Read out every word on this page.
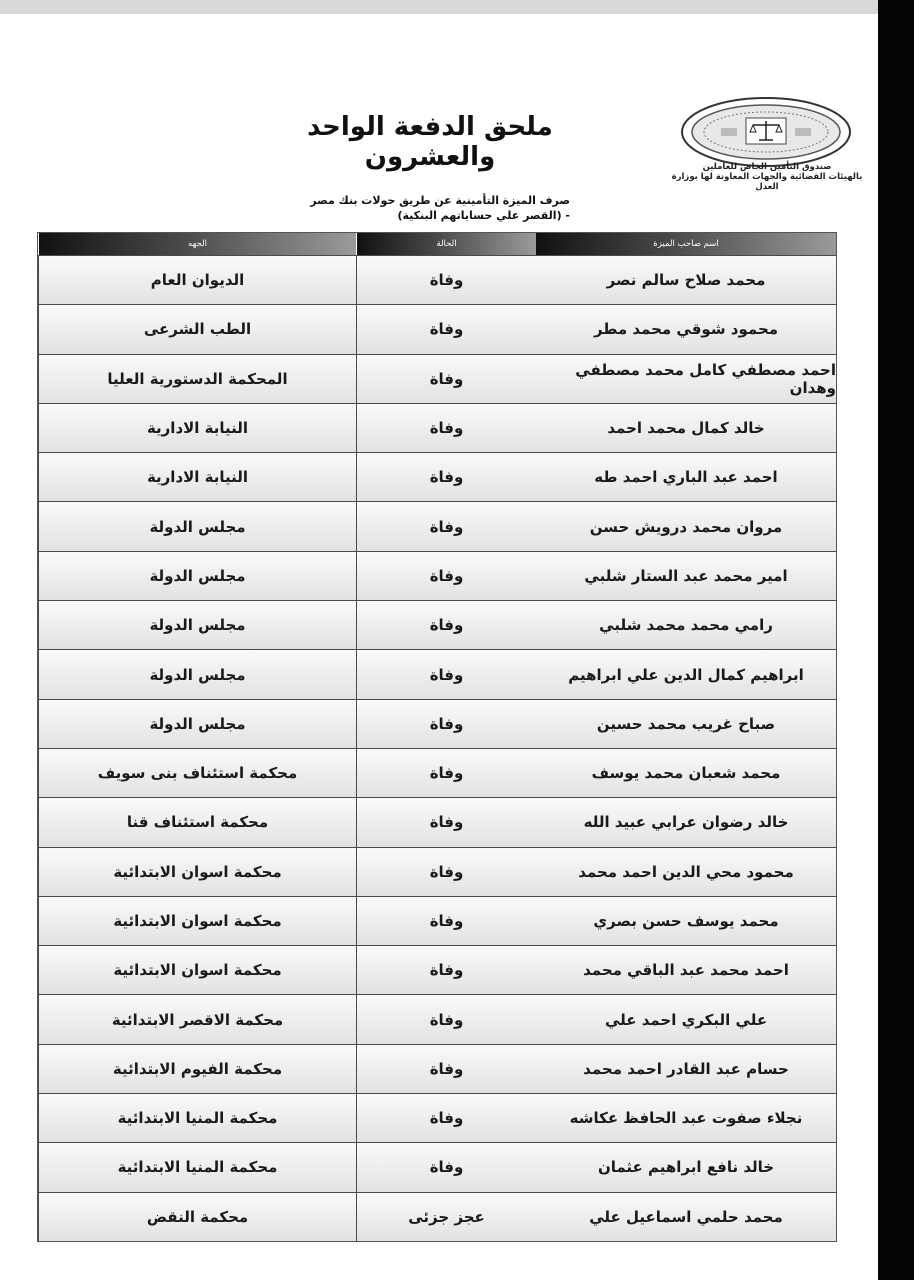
ملحق الدفعة الواحد والعشرون	صندوق التأمين الخاص للعاملين
بالهيئات القضائية والجهات المعاونة لها بوزارة العدل
صرف الميزة التأمينية عن طريق حولات بنك مصر
- (القصر علي حساباتهم البنكية)
اسم صاحب الميزة
الحالة
الجهه
محمد صلاح سالم نصر
وفاة
الديوان العام
محمود شوقي محمد مطر
وفاة
الطب الشرعى
احمد مصطفي كامل محمد مصطفي وهدان
وفاة
المحكمة الدستورية العليا
خالد كمال محمد احمد
وفاة
النيابة الادارية
احمد عبد الباري احمد طه
وفاة
النيابة الادارية
مروان محمد درويش حسن
وفاة
مجلس الدولة
امير محمد عبد الستار شلبي
وفاة
مجلس الدولة
رامي محمد محمد شلبي
وفاة
مجلس الدولة
ابراهيم كمال الدين علي ابراهيم
وفاة
مجلس الدولة
صباح غريب محمد حسين
وفاة
مجلس الدولة
محمد شعبان محمد يوسف
وفاة
محكمة استئناف بنى سويف
خالد رضوان عرابي عبيد الله
وفاة
محكمة استئناف قنا
محمود محي الدين احمد محمد
وفاة
محكمة اسوان الابتدائية
محمد يوسف حسن بصري
وفاة
محكمة اسوان الابتدائية
احمد محمد عبد الباقي محمد
وفاة
محكمة اسوان الابتدائية
علي البكري احمد علي
وفاة
محكمة الاقصر الابتدائية
حسام عبد القادر احمد محمد
وفاة
محكمة الفيوم الابتدائية
نجلاء صفوت عبد الحافظ عكاشه
وفاة
محكمة المنيا الابتدائية
خالد نافع ابراهيم عثمان
وفاة
محكمة المنيا الابتدائية
محمد حلمي اسماعيل علي
عجز جزئى
محكمة النقض
